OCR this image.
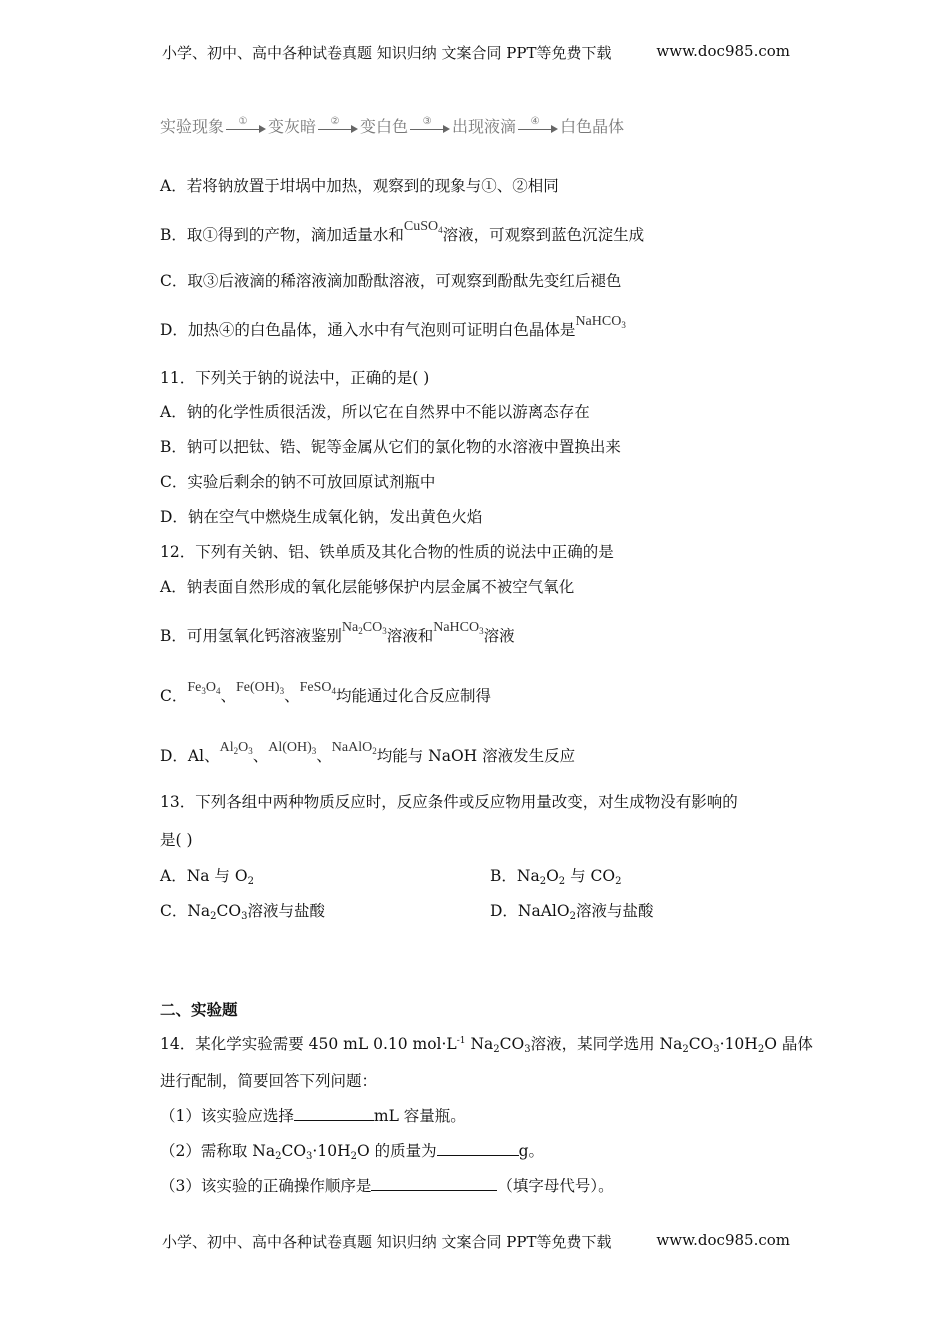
小学、初中、高中各种试卷真题 知识归纳 文案合同 PPT等免费下载	www.doc985.com
实验现象	①	变灰暗	②	变白色	③	出现液滴	④	白色晶体
A．若将钠放置于坩埚中加热，观察到的现象与①、②相同
B．取①得到的产物，滴加适量水和CuSO$_4$溶液，可观察到蓝色沉淀生成
C．取③后液滴的稀溶液滴加酚酞溶液，可观察到酚酞先变红后褪色
D．加热④的白色晶体，通入水中有气泡则可证明白色晶体是NaHCO$_3$
11．下列关于钠的说法中，正确的是( )
A．钠的化学性质很活泼，所以它在自然界中不能以游离态存在
B．钠可以把钛、锆、铌等金属从它们的氯化物的水溶液中置换出来
C．实验后剩余的钠不可放回原试剂瓶中
D．钠在空气中燃烧生成氧化钠，发出黄色火焰
12．下列有关钠、铝、铁单质及其化合物的性质的说法中正确的是
A．钠表面自然形成的氧化层能够保护内层金属不被空气氧化
B．可用氢氧化钙溶液鉴别$Na_2CO_3$溶液和NaHCO$_3$溶液
C．$Fe_3O_4$、$Fe(OH)_3$、FeSO$_4$均能通过化合反应制得
D．Al、$Al_2O_3$、$Al(OH)_3$、NaAlO$_2$均能与 NaOH 溶液发生反应
13．下列各组中两种物质反应时，反应条件或反应物用量改变，对生成物没有影响的
是( )
A．Na 与 $O_2$	B．$Na_2O_2$ 与 $CO_2$
C．$Na_2CO_3$溶液与盐酸	D．NaAlO$_2$溶液与盐酸
二、实验题
14．某化学实验需要 450 mL 0.10 $mol\cdot L^{-1}$ $Na_2CO_3$溶液，某同学选用 $Na_2CO_3\cdot 10H_2O$ 晶体
进行配制，简要回答下列问题：
（1）该实验应选择	mL 容量瓶。
（2）需称取 $Na_2CO_3\cdot 10H_2O$ 的质量为	g。
（3）该实验的正确操作顺序是	（填字母代号）。
小学、初中、高中各种试卷真题 知识归纳 文案合同 PPT等免费下载	www.doc985.com
